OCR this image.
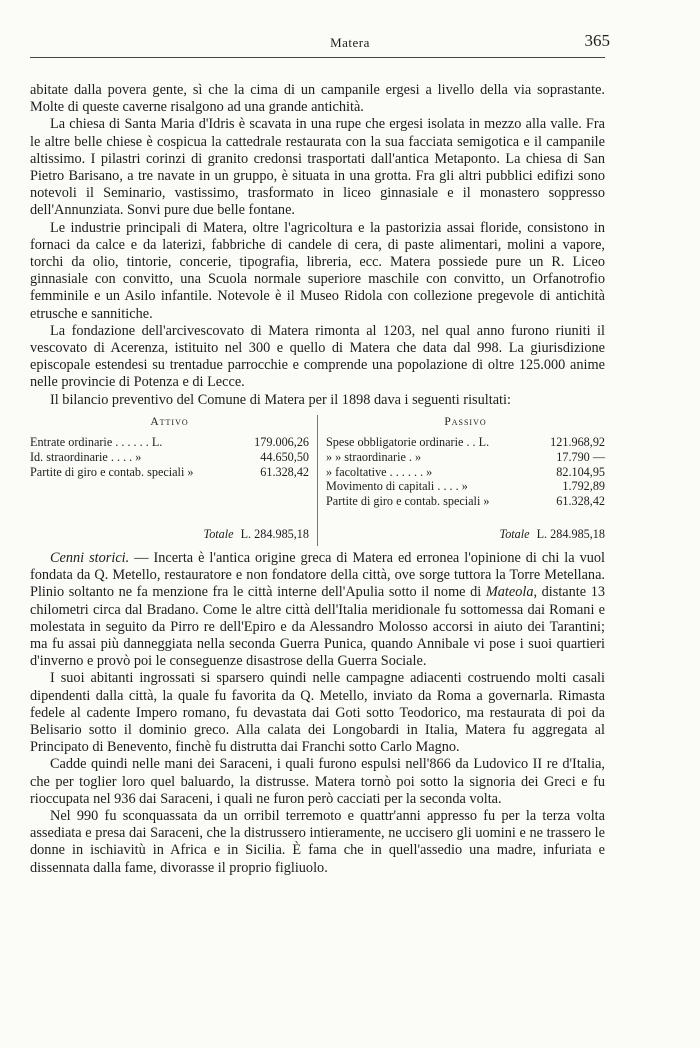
Matera	365

abitate dalla povera gente, sì che la cima di un campanile ergesi a livello della via soprastante. Molte di queste caverne risalgono ad una grande antichità.

La chiesa di Santa Maria d'Idris è scavata in una rupe che ergesi isolata in mezzo alla valle. Fra le altre belle chiese è cospicua la cattedrale restaurata con la sua facciata semigotica e il campanile altissimo. I pilastri corinzi di granito credonsi trasportati dall'antica Metaponto. La chiesa di San Pietro Barisano, a tre navate in un gruppo, è situata in una grotta. Fra gli altri pubblici edifizi sono notevoli il Seminario, vastissimo, trasformato in liceo ginnasiale e il monastero soppresso dell'Annunziata. Sonvi pure due belle fontane.

Le industrie principali di Matera, oltre l'agricoltura e la pastorizia assai floride, consistono in fornaci da calce e da laterizi, fabbriche di candele di cera, di paste alimentari, molini a vapore, torchi da olio, tintorie, concerie, tipografia, libreria, ecc. Matera possiede pure un R. Liceo ginnasiale con convitto, una Scuola normale superiore maschile con convitto, un Orfanotrofio femminile e un Asilo infantile. Notevole è il Museo Ridola con collezione pregevole di antichità etrusche e sannitiche.

La fondazione dell'arcivescovato di Matera rimonta al 1203, nel qual anno furono riuniti il vescovato di Acerenza, istituito nel 300 e quello di Matera che data dal 998. La giurisdizione episcopale estendesi su trentadue parrocchie e comprende una popolazione di oltre 125.000 anime nelle provincie di Potenza e di Lecce.

Il bilancio preventivo del Comune di Matera per il 1898 dava i seguenti risultati:

Attivo
Entrate ordinarie . . . . . . L.	179.006,26
Id. straordinarie . . . . »	44.650,50
Partite di giro e contab. speciali »	61.328,42
Totale L. 284.985,18
Passivo
Spese obbligatorie ordinarie . . L.	121.968,92
» » straordinarie . »	17.790 —
» facoltative . . . . . . »	82.104,95
Movimento di capitali . . . . »	1.792,89
Partite di giro e contab. speciali »	61.328,42
Totale L. 284.985,18

Cenni storici. — Incerta è l'antica origine greca di Matera ed erronea l'opinione di chi la vuol fondata da Q. Metello, restauratore e non fondatore della città, ove sorge tuttora la Torre Metellana. Plinio soltanto ne fa menzione fra le città interne dell'Apulia sotto il nome di Mateola, distante 13 chilometri circa dal Bradano. Come le altre città dell'Italia meridionale fu sottomessa dai Romani e molestata in seguito da Pirro re dell'Epiro e da Alessandro Molosso accorsi in aiuto dei Tarantini; ma fu assai più danneggiata nella seconda Guerra Punica, quando Annibale vi pose i suoi quartieri d'inverno e provò poi le conseguenze disastrose della Guerra Sociale.

I suoi abitanti ingrossati si sparsero quindi nelle campagne adiacenti costruendo molti casali dipendenti dalla città, la quale fu favorita da Q. Metello, inviato da Roma a governarla. Rimasta fedele al cadente Impero romano, fu devastata dai Goti sotto Teodorico, ma restaurata di poi da Belisario sotto il dominio greco. Alla calata dei Longobardi in Italia, Matera fu aggregata al Principato di Benevento, finchè fu distrutta dai Franchi sotto Carlo Magno.

Cadde quindi nelle mani dei Saraceni, i quali furono espulsi nell'866 da Ludovico II re d'Italia, che per toglier loro quel baluardo, la distrusse. Matera tornò poi sotto la signoria dei Greci e fu rioccupata nel 936 dai Saraceni, i quali ne furon però cacciati per la seconda volta.

Nel 990 fu sconquassata da un orribil terremoto e quattr'anni appresso fu per la terza volta assediata e presa dai Saraceni, che la distrussero intieramente, ne uccisero gli uomini e ne trassero le donne in ischiavitù in Africa e in Sicilia. È fama che in quell'assedio una madre, infuriata e dissennata dalla fame, divorasse il proprio figliuolo.
